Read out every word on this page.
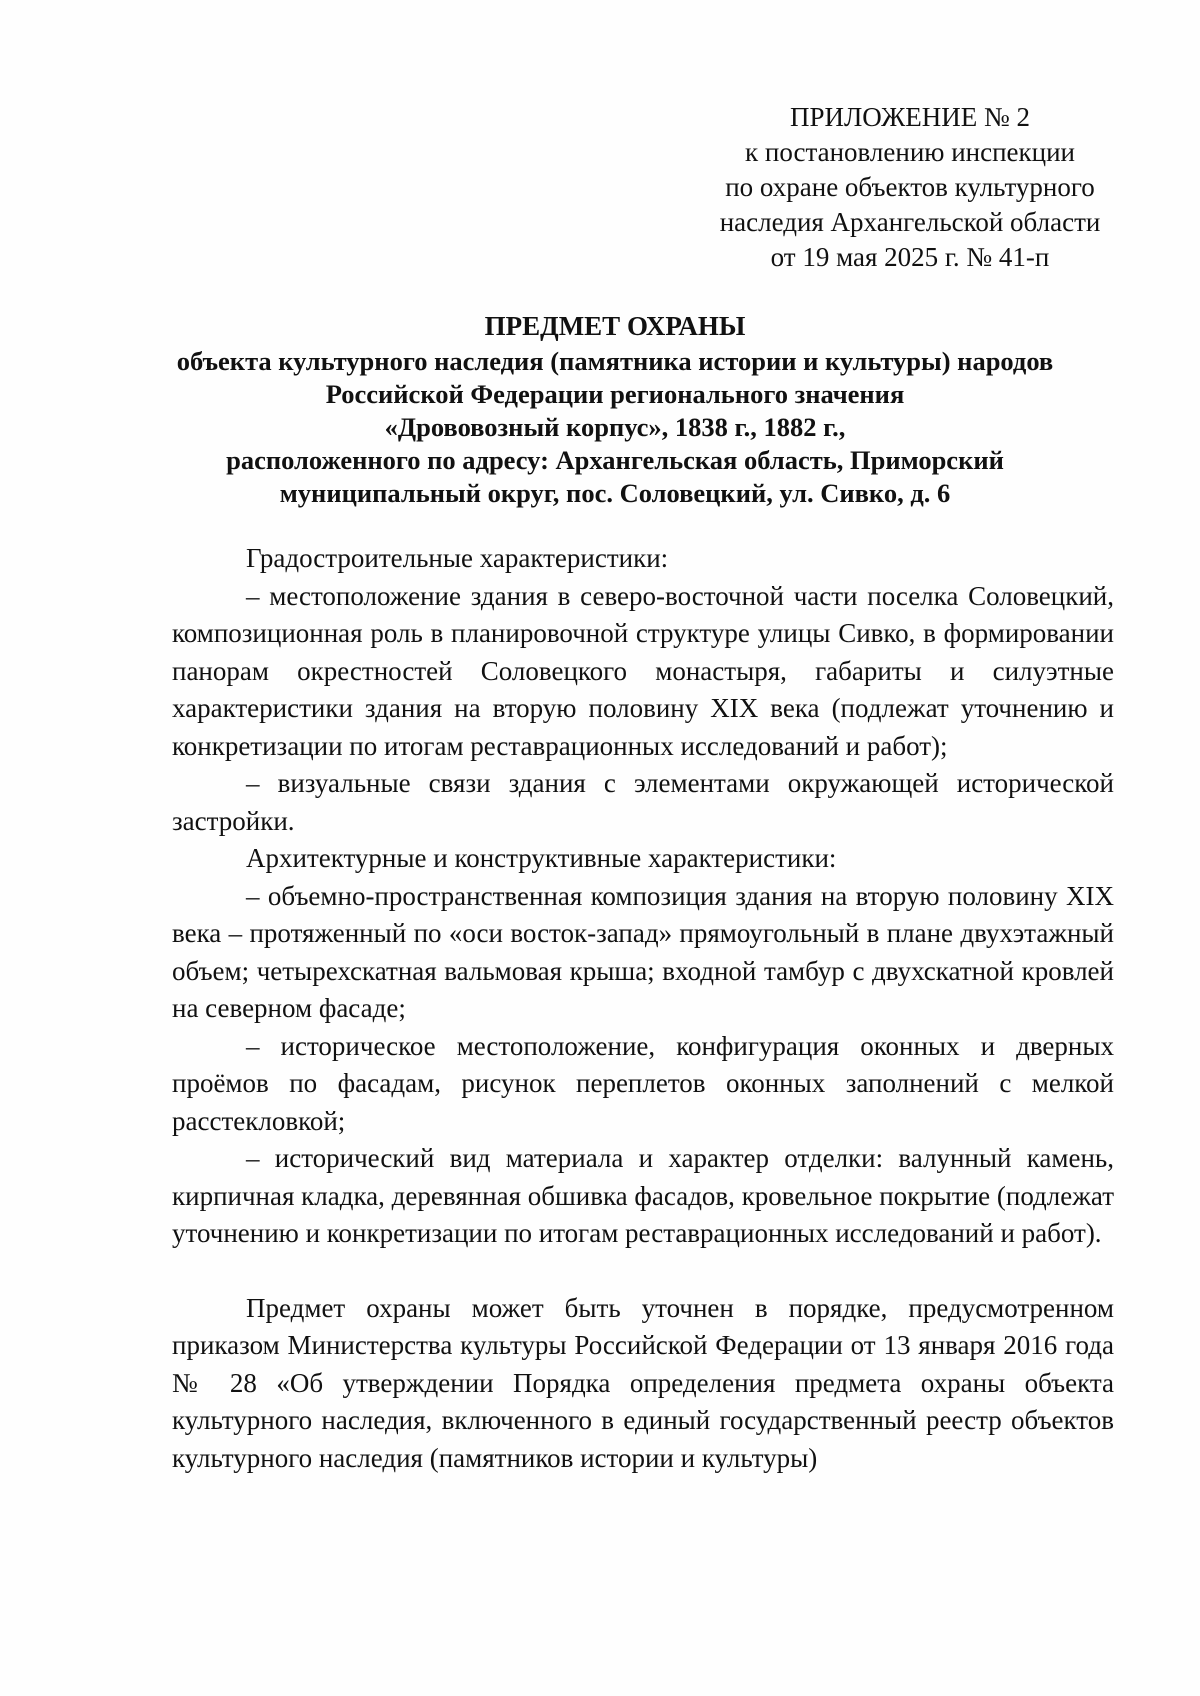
ПРИЛОЖЕНИЕ № 2
к постановлению инспекции
по охране объектов культурного
наследия Архангельской области
от 19 мая 2025 г. № 41-п
ПРЕДМЕТ ОХРАНЫ
объекта культурного наследия (памятника истории и культуры) народов
Российской Федерации регионального значения
«Дрововозный корпус», 1838 г., 1882 г.,
расположенного по адресу: Архангельская область, Приморский
муниципальный округ, пос. Соловецкий, ул. Сивко, д. 6

Градостроительные характеристики:

– местоположение здания в северо-восточной части поселка Соловецкий, композиционная роль в планировочной структуре улицы Сивко, в формировании панорам окрестностей Соловецкого монастыря, габариты и силуэтные характеристики здания на вторую половину XIX века (подлежат уточнению и конкретизации по итогам реставрационных исследований и работ);

– визуальные связи здания с элементами окружающей исторической застройки.

Архитектурные и конструктивные характеристики:

– объемно-пространственная композиция здания на вторую половину XIX века – протяженный по «оси восток-запад» прямоугольный в плане двухэтажный объем; четырехскатная вальмовая крыша; входной тамбур с двухскатной кровлей на северном фасаде;

– историческое местоположение, конфигурация оконных и дверных проёмов по фасадам, рисунок переплетов оконных заполнений с мелкой расстекловкой;

– исторический вид материала и характер отделки: валунный камень, кирпичная кладка, деревянная обшивка фасадов, кровельное покрытие (подлежат уточнению и конкретизации по итогам реставрационных исследований и работ).

Предмет охраны может быть уточнен в порядке, предусмотренном приказом Министерства культуры Российской Федерации от 13 января 2016 года № 28 «Об утверждении Порядка определения предмета охраны объекта культурного наследия, включенного в единый государственный реестр объектов культурного наследия (памятников истории и культуры)
